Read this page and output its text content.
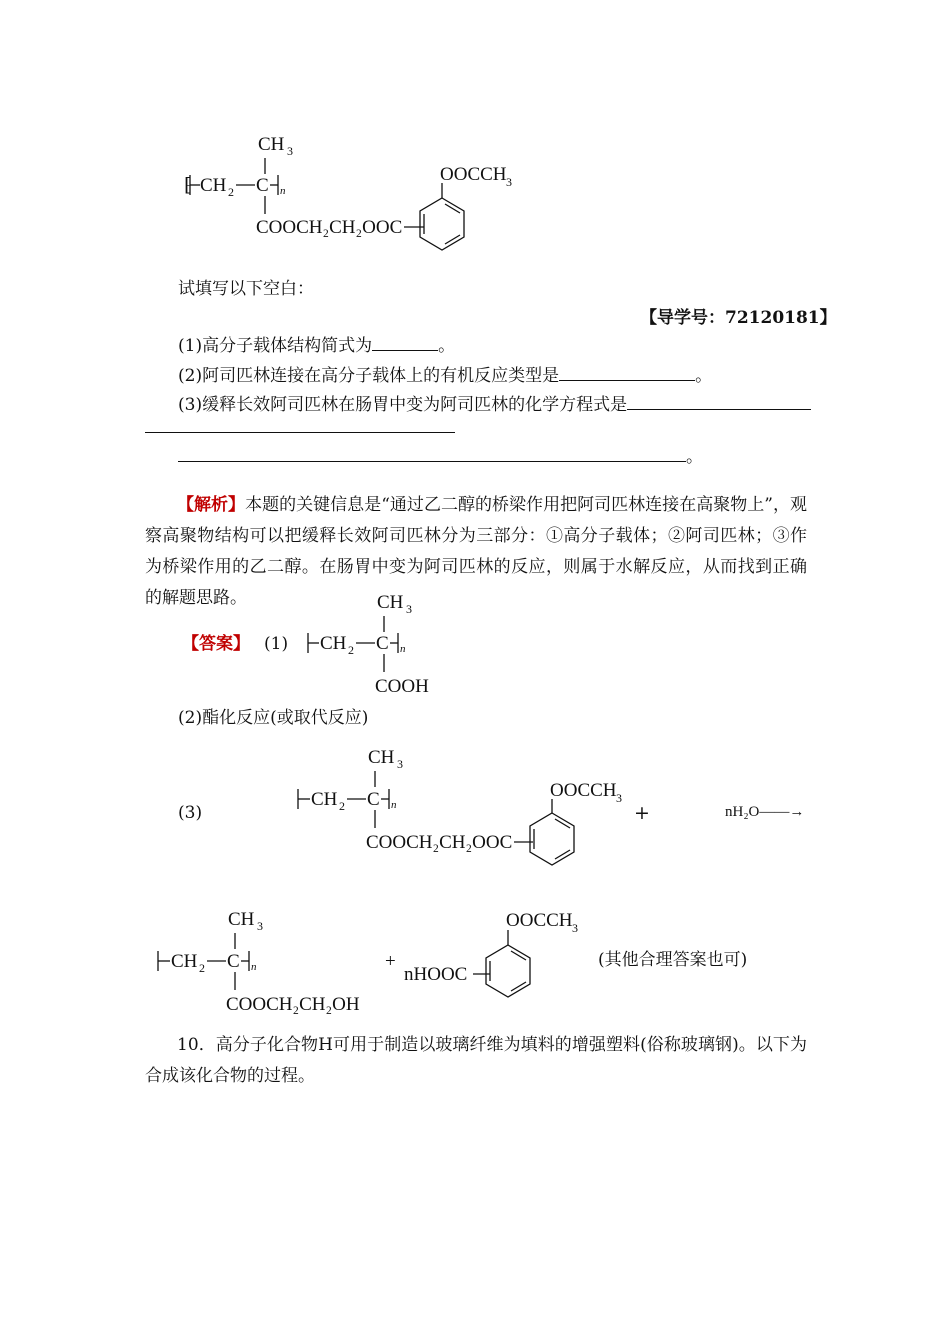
CH 3
⁅ CH 2 C n
COOCH₂CH₂OOC
OOCCH 3
试填写以下空白：
【导学号：72120181】
(1)高分子载体结构简式为	。
(2)阿司匹林连接在高分子载体上的有机反应类型是	。
(3)缓释长效阿司匹林在肠胃中变为阿司匹林的化学方程式是
。
【解析】本题的关键信息是“通过乙二醇的桥梁作用把阿司匹林连接在高聚物上”，观察高聚物结构可以把缓释长效阿司匹林分为三部分：①高分子载体；②阿司匹林；③作为桥梁作用的乙二醇。在肠胃中变为阿司匹林的反应，则属于水解反应，从而找到正确的解题思路。
【答案】 (1)
CH 3
CH 2 C n
COOH
(2)酯化反应(或取代反应)
(3)
CH 3
CH 2 C n
COOCH₂CH₂OOC
OOCCH 3
+	nH₂O——→
CH 3
CH 2 C n
COOCH₂CH₂OH
+
nHOOC
OOCCH 3
(其他合理答案也可)
10．高分子化合物H可用于制造以玻璃纤维为填料的增强塑料(俗称玻璃钢)。以下为合成该化合物的过程。
